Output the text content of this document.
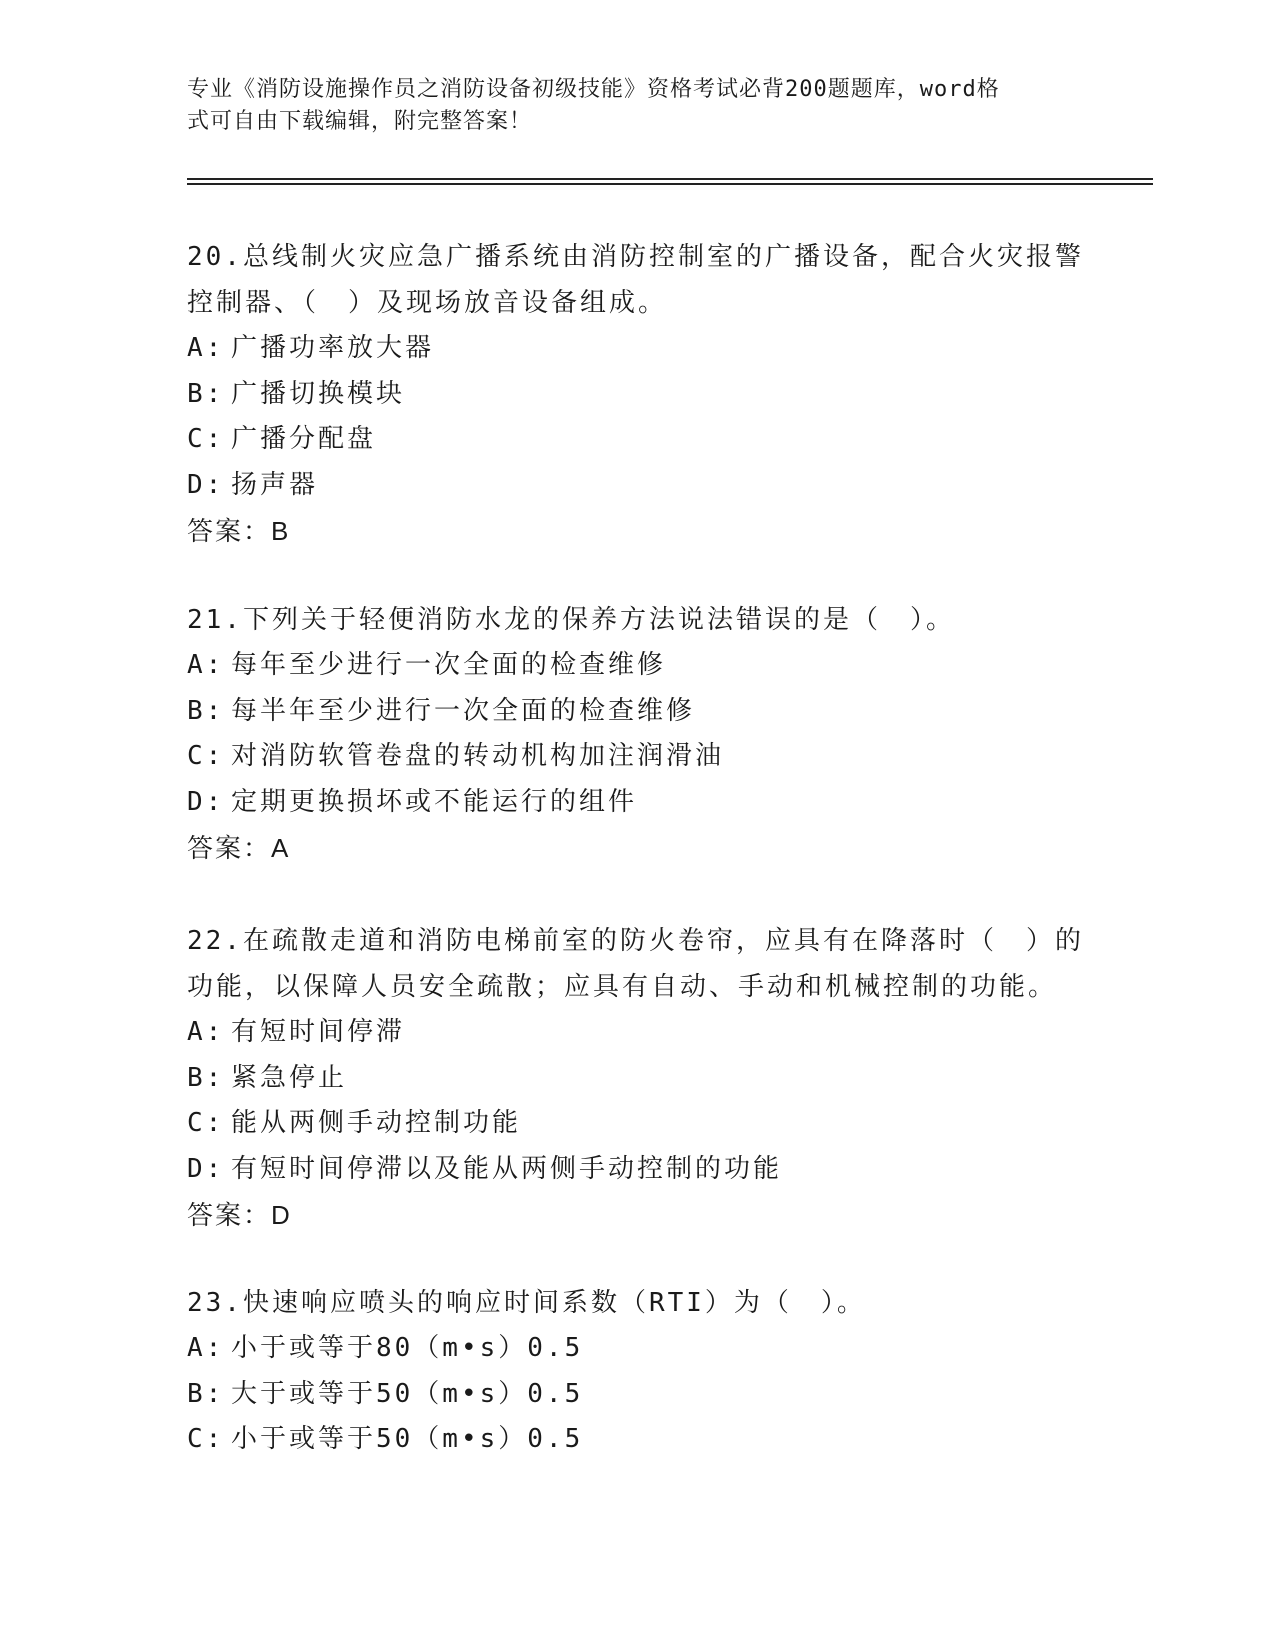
专业《消防设施操作员之消防设备初级技能》资格考试必背200题题库，word格
式可自由下载编辑，附完整答案！

20.总线制火灾应急广播系统由消防控制室的广播设备，配合火灾报警

控制器、（　）及现场放音设备组成。

A: 广播功率放大器

B: 广播切换模块

C: 广播分配盘

D: 扬声器

答案：B

21.下列关于轻便消防水龙的保养方法说法错误的是（　）。

A: 每年至少进行一次全面的检查维修

B: 每半年至少进行一次全面的检查维修

C: 对消防软管卷盘的转动机构加注润滑油

D: 定期更换损坏或不能运行的组件

答案：A

22.在疏散走道和消防电梯前室的防火卷帘，应具有在降落时（　）的

功能，以保障人员安全疏散；应具有自动、手动和机械控制的功能。

A: 有短时间停滞

B: 紧急停止

C: 能从两侧手动控制功能

D: 有短时间停滞以及能从两侧手动控制的功能

答案：D

23.快速响应喷头的响应时间系数（RTI）为（　）。

A: 小于或等于80（m•s）0.5

B: 大于或等于50（m•s）0.5

C: 小于或等于50（m•s）0.5
